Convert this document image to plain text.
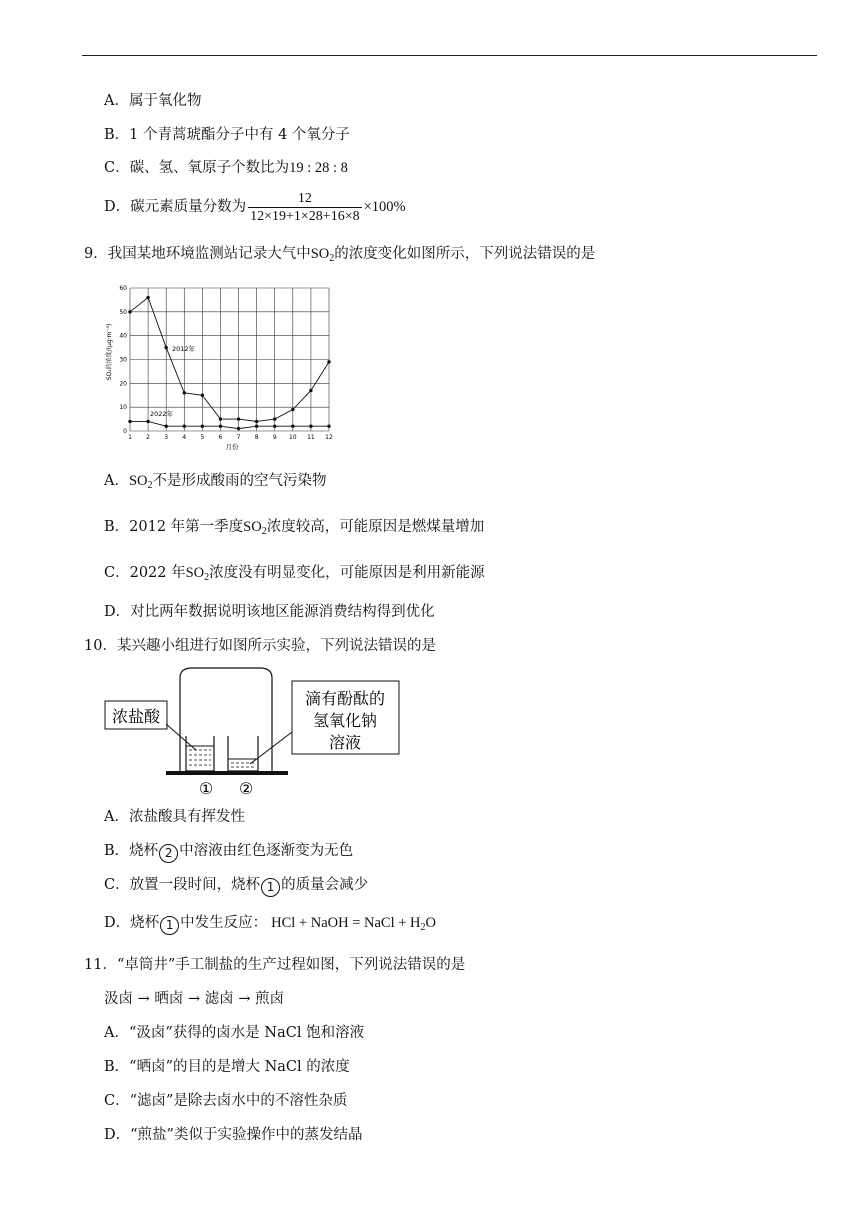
A．属于氧化物
B．1 个青蒿琥酯分子中有 4 个氧分子
C．碳、氢、氧原子个数比为19 : 28 : 8
D．碳元素质量分数为 $\frac{12}{12\times 19+1\times 28+16\times 8} \times 100\%$
9．我国某地环境监测站记录大气中$SO_2$的浓度变化如图所示，下列说法错误的是
0
10
20
30
40
50
60
1 2 3 4 5 6 7 8 9 10 11 12
SO₂的浓度/(μg·m⁻³)
月份
2012年
2022年
A．$SO_2$不是形成酸雨的空气污染物
B．2012 年第一季度$SO_2$浓度较高，可能原因是燃煤量增加
C．2022 年$SO_2$浓度没有明显变化，可能原因是利用新能源
D．对比两年数据说明该地区能源消费结构得到优化
10．某兴趣小组进行如图所示实验，下列说法错误的是
浓盐酸
滴有酚酞的
氢氧化钠
溶液
① ②
A．浓盐酸具有挥发性
B．烧杯 2 中溶液由红色逐渐变为无色
C．放置一段时间，烧杯 1 的质量会减少
D．烧杯 1 中发生反应： HCl + NaOH = NaCl + $H_2O$
11．“卓筒井”手工制盐的生产过程如图，下列说法错误的是
汲卤 → 晒卤 → 滤卤 → 煎卤
A．“汲卤”获得的卤水是 NaCl 饱和溶液
B．“晒卤”的目的是增大 NaCl 的浓度
C．“滤卤”是除去卤水中的不溶性杂质
D．“煎盐”类似于实验操作中的蒸发结晶
